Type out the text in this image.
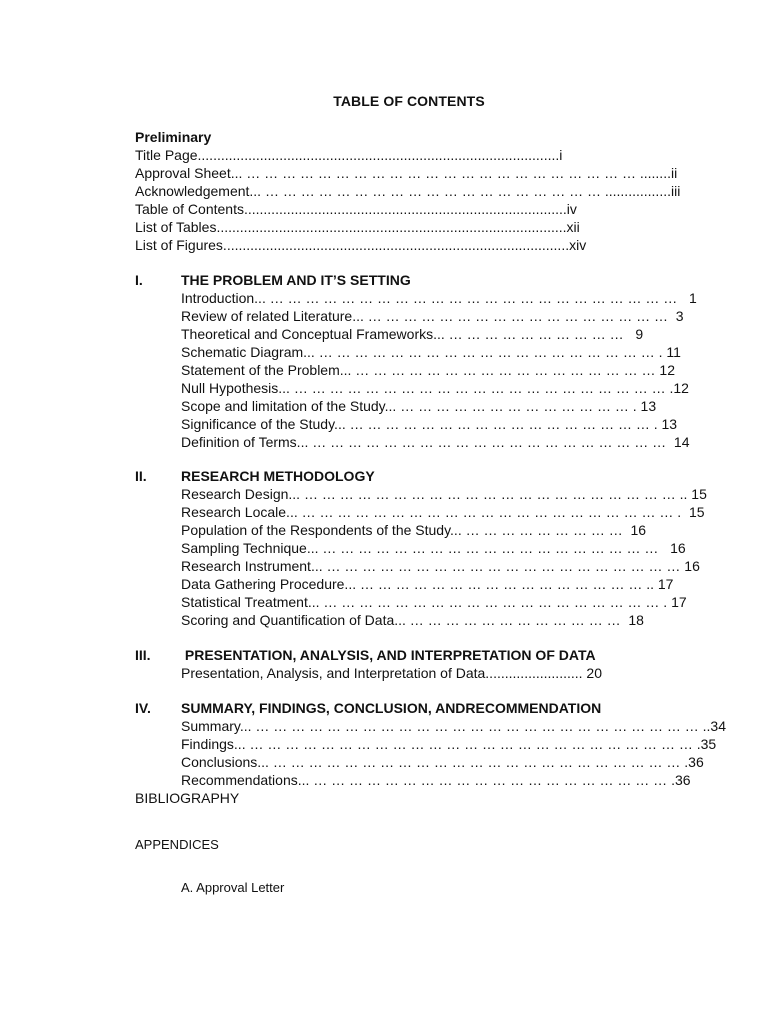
TABLE OF CONTENTS
Preliminary
Title Page.............................................................................................i
Approval Sheet... … … … … … … … … … … … … … … … … … … … … … … ........ii
Acknowledgement... … … … … … … … … … … … … … … … … … … … .................iii
Table of Contents...................................................................................iv
List of Tables..........................................................................................xii
List of Figures.........................................................................................xiv
I.	THE PROBLEM AND IT’S SETTING
Introduction... … … … … … … … … … … … … … … … … … … … … … … …   1
Review of related Literature... … … … … … … … … … … … … … … … … …  3
Theoretical and Conceptual Frameworks... … … … … … … … … … …   9
Schematic Diagram... … … … … … … … … … … … … … … … … … … … . 11
Statement of the Problem... … … … … … … … … … … … … … … … … … 12
Null Hypothesis... … … … … … … … … … … … … … … … … … … … … … .12
Scope and limitation of the Study... … … … … … … … … … … … … … . 13
Significance of the Study... … … … … … … … … … … … … … … … … … . 13
Definition of Terms... … … … … … … … … … … … … … … … … … … … …  14
II. RESEARCH METHODOLOGY
Research Design... … … … … … … … … … … … … … … … … … … … … … .. 15
Research Locale... … … … … … … … … … … … … … … … … … … … … … .  15
Population of the Respondents of the Study... … … … … … … … … …  16
Sampling Technique... … … … … … … … … … … … … … … … … … … …   16
Research Instrument... … … … … … … … … … … … … … … … … … … … … 16
Data Gathering Procedure... … … … … … … … … … … … … … … … … .. 17
Statistical Treatment... … … … … … … … … … … … … … … … … … … … . 17
Scoring and Quantification of Data... … … … … … … … … … … … …  18
III. PRESENTATION, ANALYSIS, AND INTERPRETATION OF DATA
Presentation, Analysis, and Interpretation of Data......................... 20
IV. SUMMARY, FINDINGS, CONCLUSION, ANDRECOMMENDATION
Summary... … … … … … … … … … … … … … … … … … … … … … … … … … ..34
Findings... … … … … … … … … … … … … … … … … … … … … … … … … … .35
Conclusions... … … … … … … … … … … … … … … … … … … … … … … … .36
Recommendations... … … … … … … … … … … … … … … … … … … … … .36
BIBLIOGRAPHY
APPENDICES
A. Approval Letter
